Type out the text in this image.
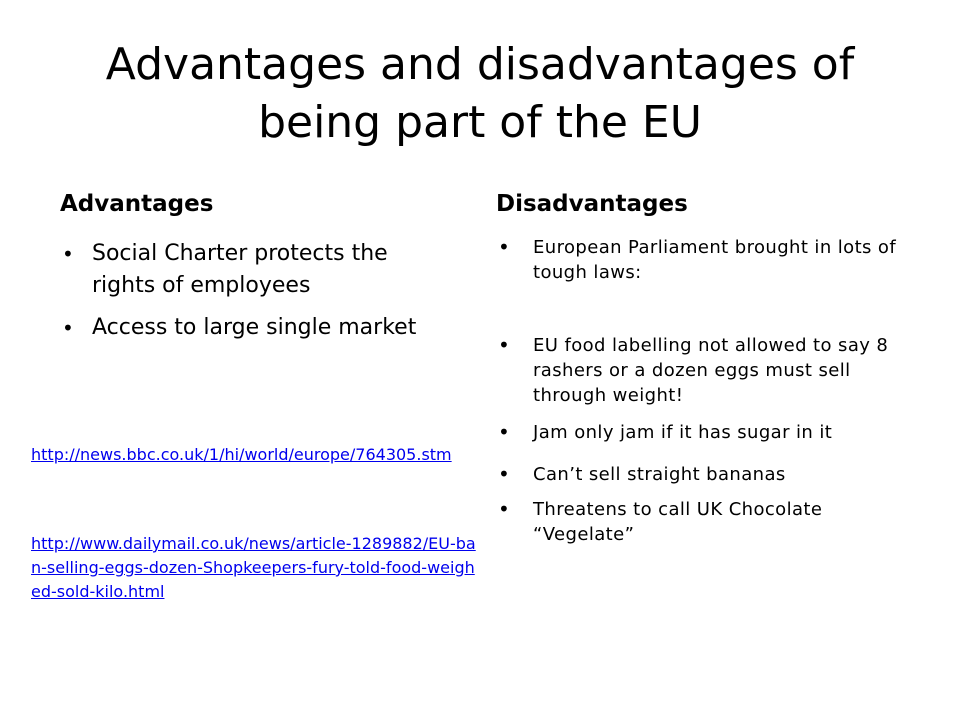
Advantages and disadvantages of being part of the EU
Advantages
• Social Charter protects the rights of employees
• Access to large single market
Disadvantages
• European Parliament brought in lots of tough laws:
• EU food labelling not allowed to say 8 rashers or a dozen eggs must sell through weight!
• Jam only jam if it has sugar in it
• Can’t sell straight bananas
• Threatens to call UK Chocolate “Vegelate”
http://news.bbc.co.uk/1/hi/world/europe/764305.stm
http://www.dailymail.co.uk/news/article-1289882/EU-ban-selling-eggs-dozen-Shopkeepers-fury-told-food-weighed-sold-kilo.html
